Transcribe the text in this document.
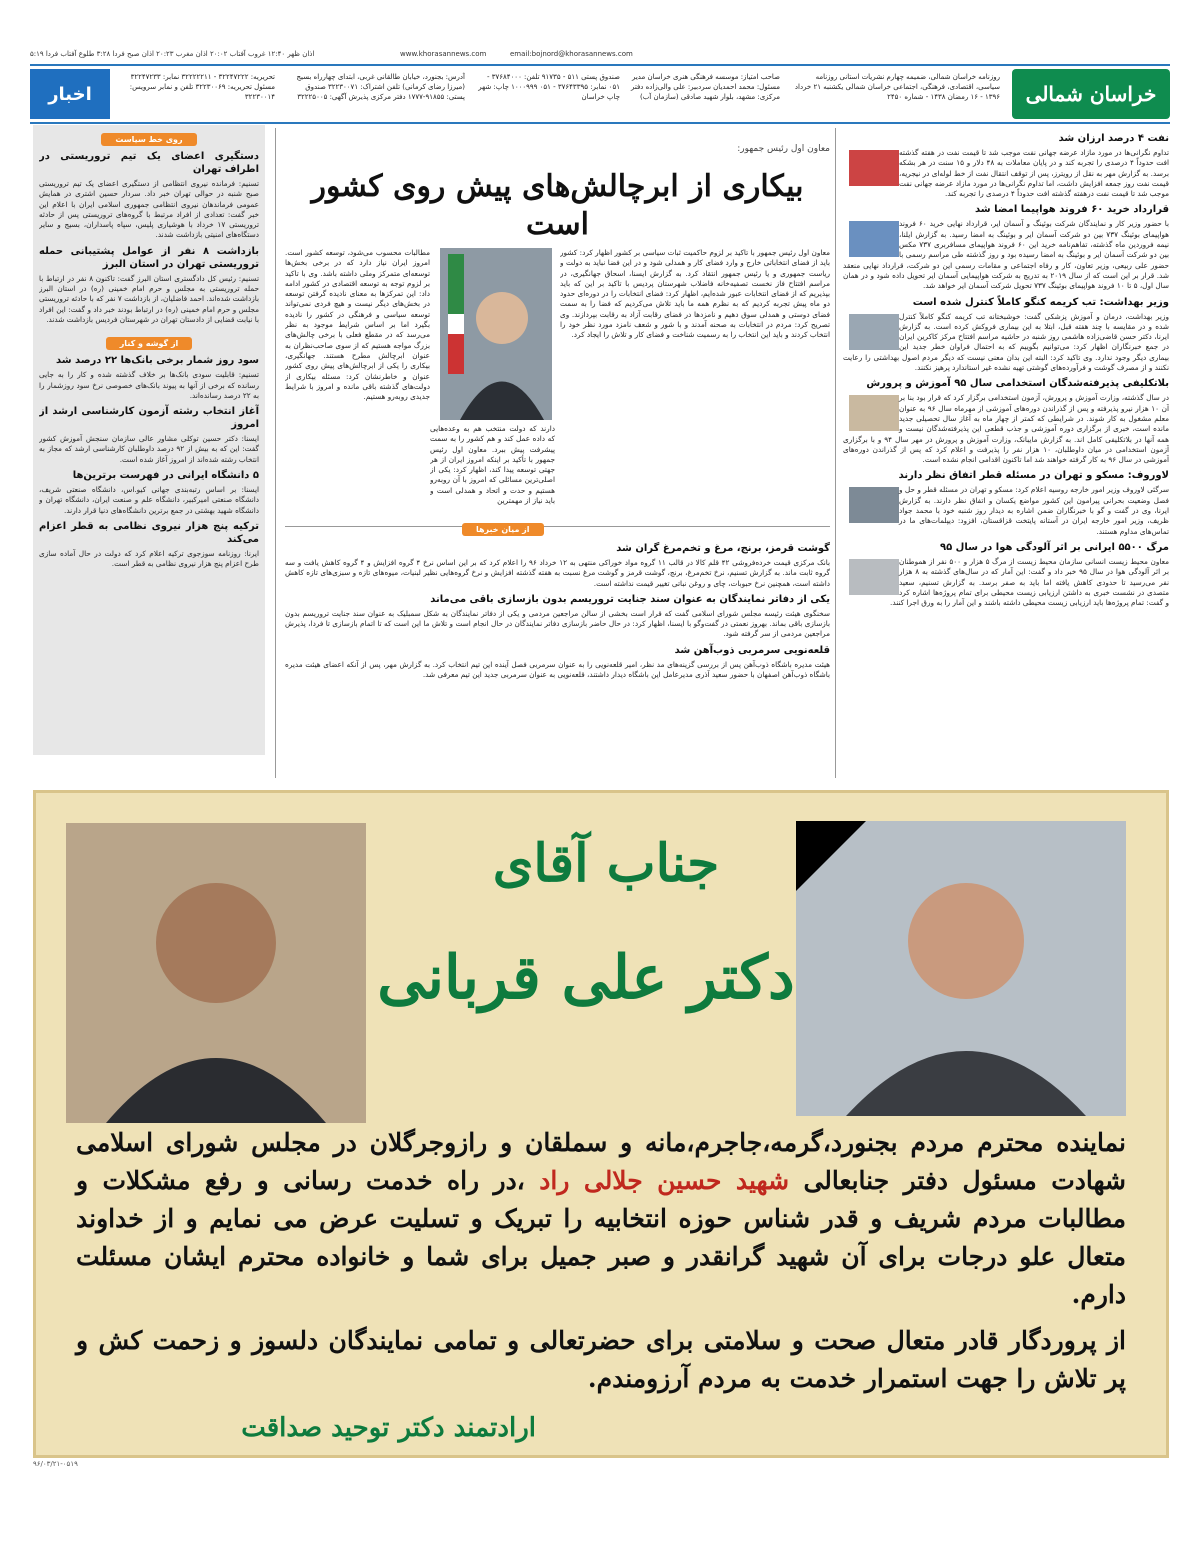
اذان ظهر ۱۲:۴۰ غروب آفتاب ۲۰:۰۲ اذان مغرب ۲۰:۲۳ اذان صبح فردا ۳:۲۸ طلوع آفتاب فردا ۵:۱۹	www.khorasannews.com	email:bojnord@khorasannews.com
خراسان شمالی
روزنامه خراسان شمالی، ضمیمه چهارم نشریات استانی روزنامه سیاسی، اقتصادی، فرهنگی، اجتماعی خراسان شمالی یکشنبه ۲۱ خرداد ۱۳۹۶ - ۱۶ رمضان ۱۴۳۸ - شماره ۲۴۵۰
صاحب امتیاز: موسسه فرهنگی هنری خراسان مدیر مسئول: محمد احمدیان سردبیر: علی والی‌زاده دفتر مرکزی: مشهد، بلوار شهید صادقی (سازمان آب)
صندوق پستی ۵۱۱ - ۹۱۷۳۵ تلفن: ۳۷۶۸۴۰۰۰ - ۰۵۱ نمابر: ۳۷۶۴۳۳۹۵ - ۰۵۱ ۱۰۰۰۹۹۹ چاپ: شهر چاپ خراسان
آدرس: بجنورد، خیابان طالقانی غربی، ابتدای چهارراه بسیج (میرزا رضای کرمانی) تلفن اشتراک: ۳۲۲۳۰۰۷۱ صندوق پستی: ۹۱۸۵۵-۱۷۷۷ دفتر مرکزی پذیرش آگهی: ۳۲۲۲۵۰۰۵
تحریریه: ۳۲۲۴۷۲۲۲ - ۳۲۲۲۲۲۱۱ نمابر: ۳۲۲۴۷۲۳۳ مسئول تحریریه: ۳۲۲۳۰۰۶۹ تلفن و نمابر سرویس: ۳۲۲۳۰۰۱۴
اخبار
نفت ۴ درصد ارزان شد

تداوم نگرانی‌ها در مورد مازاد عرضه جهانی نفت موجب شد تا قیمت نفت در هفته گذشته افت حدوداً ۴ درصدی را تجربه کند و در پایان معاملات به ۴۸ دلار و ۱۵ سنت در هر بشکه برسد. به گزارش مهر به نقل از رویترز، پس از توقف انتقال نفت از خط لوله‌ای در نیجریه، قیمت نفت روز جمعه افزایش داشت، اما تداوم نگرانی‌ها در مورد مازاد عرضه جهانی نفت موجب شد تا قیمت نفت درهفته گذشته افت حدوداً ۴ درصدی را تجربه کند.

قرارداد خرید ۶۰ فروند هواپیما امضا شد

با حضور وزیر کار و نمایندگان شرکت بوئینگ و آسمان ایر، قرارداد نهایی خرید ۶۰ فروند هواپیمای بوئینگ ۷۳۷ بین دو شرکت آسمان ایر و بوئینگ به امضا رسید. به گزارش ایلنا، نیمه فروردین ماه گذشته، تفاهم‌نامه خرید این ۶۰ فروند هواپیمای مسافربری ۷۳۷ مکس بین دو شرکت آسمان ایر و بوئینگ به امضا رسیده بود و روز گذشته طی مراسم رسمی با حضور علی ربیعی، وزیر تعاون، کار و رفاه اجتماعی و مقامات رسمی این دو شرکت، قرارداد نهایی منعقد شد. قرار بر این است که از سال ۲۰۱۹ به تدریج به شرکت هواپیمایی آسمان ایر تحویل داده شود و در همان سال اول، ۵ تا ۱۰ فروند هواپیمای بوئینگ ۷۳۷ تحویل شرکت آسمان ایر خواهد شد.

وزیر بهداشت: تب کریمه کنگو کاملاً کنترل شده است

وزیر بهداشت، درمان و آموزش پزشکی گفت: خوشبختانه تب کریمه کنگو کاملاً کنترل شده و در مقایسه با چند هفته قبل، ابتلا به این بیماری فروکش کرده است. به گزارش ایرنا، دکتر حسن قاضی‌زاده هاشمی روز شنبه در حاشیه مراسم افتتاح مرکز کاکرین ایران در جمع خبرنگاران اظهار کرد: می‌توانیم بگوییم که به احتمال فراوان خطر جدید این بیماری دیگر وجود ندارد. وی تاکید کرد: البته این بدان معنی نیست که دیگر مردم اصول بهداشتی را رعایت نکنند و از مصرف گوشت و فرآورده‌های گوشتی تهیه نشده غیر استاندارد پرهیز نکنند.

بلاتکلیفی پذیرفته‌شدگان استخدامی سال ۹۵ آموزش و پرورش

در سال گذشته، وزارت آموزش و پرورش، آزمون استخدامی برگزار کرد که قرار بود بنا بر آن ۱۰ هزار نیرو پذیرفته و پس از گذراندن دوره‌های آموزشی از مهرماه سال ۹۶ به عنوان معلم مشغول به کار شوند. در شرایطی که کمتر از چهار ماه به آغاز سال تحصیلی جدید مانده است، خبری از برگزاری دوره آموزشی و جذب قطعی این پذیرفته‌شدگان نیست و همه آنها در بلاتکلیفی کامل اند. به گزارش مایبانک، وزارت آموزش و پرورش در مهر سال ۹۴ و با برگزاری آزمون استخدامی در میان داوطلبان، ۱۰ هزار نفر را پذیرفت و اعلام کرد که پس از گذراندن دوره‌های آموزشی در سال ۹۶ به کار گرفته خواهند شد اما تاکنون اقدامی انجام نشده است.

لاوروف: مسکو و تهران در مسئله قطر اتفاق نظر دارند

سرگئی لاوروف وزیر امور خارجه روسیه اعلام کرد: مسکو و تهران در مسئله قطر و حل و فصل وضعیت بحرانی پیرامون این کشور مواضع یکسان و اتفاق نظر دارند. به گزارش ایرنا، وی در گفت و گو با خبرنگاران ضمن اشاره به دیدار روز شنبه خود با محمد جواد ظریف، وزیر امور خارجه ایران در آستانه پایتخت قزاقستان، افزود: دیپلمات‌های ما در تماس‌های مداوم هستند.

مرگ ۵۵۰۰ ایرانی بر اثر آلودگی هوا در سال ۹۵

معاون محیط زیست انسانی سازمان محیط زیست از مرگ ۵ هزار و ۵۰۰ نفر از هموطنان بر اثر آلودگی هوا در سال ۹۵ خبر داد و گفت: این آمار که در سال‌های گذشته به ۸ هزار نفر می‌رسید تا حدودی کاهش یافته اما باید به صفر برسد. به گزارش تسنیم، سعید متصدی در نشست خبری به داشتن ارزیابی زیست محیطی برای تمام پروژه‌ها اشاره کرد و گفت: تمام پروژه‌ها باید ارزیابی زیست محیطی داشته باشند و این آمار را به ورق اجرا کنند.

معاون اول رئیس جمهور:
بیکاری از ابرچالش‌های پیش روی کشور است

معاون اول رئیس جمهور با تاکید بر لزوم حاکمیت ثبات سیاسی بر کشور اظهار کرد: کشور باید از فضای انتخاباتی خارج و وارد فضای کار و همدلی شود و در این فضا نباید به دولت و ریاست جمهوری و یا رئیس جمهور انتقاد کرد. به گزارش ایسنا، اسحاق جهانگیری، در مراسم افتتاح فاز نخست تصفیه‌خانه فاضلاب شهرستان پردیس با تاکید بر این که باید بپذیریم که از فضای انتخابات عبور شده‌ایم، اظهار کرد: فضای انتخابات را در دوره‌ای حدود دو ماه پیش تجربه کردیم که به نظرم همه ما باید تلاش می‌کردیم که فضا را به سمت فضای دوستی و همدلی سوق دهیم و نامزدها در فضای رقابت آزاد به رقابت بپردازند. وی تصریح کرد: مردم در انتخابات به صحنه آمدند و با شور و شعف نامزد مورد نظر خود را انتخاب کردند و باید این انتخاب را به رسمیت شناخت و فضای کار و تلاش را ایجاد کرد.

دارند که دولت منتخب هم به وعده‌هایی که داده عمل کند و هم کشور را به سمت پیشرفت پیش ببرد. معاون اول رئیس جمهور با تأکید بر اینکه امروز ایران از هر جهتی توسعه پیدا کند، اظهار کرد: یکی از اصلی‌ترین مسائلی که امروز با آن روبه‌رو هستیم و حدت و اتحاد و همدلی است و باید نیاز از مهمترین

مطالبات محسوب می‌شود، توسعه کشور است. امروز ایران نیاز دارد که در برخی بخش‌ها توسعه‌ای متمرکز وملی داشته باشد. وی با تاکید بر لزوم توجه به توسعه اقتصادی در کشور ادامه داد: این تمرکزها به معنای نادیده گرفتن توسعه در بخش‌های دیگر نیست و هیچ فردی نمی‌تواند توسعه سیاسی و فرهنگی در کشور را نادیده بگیرد اما بر اساس شرایط موجود به نظر می‌رسد که در مقطع فعلی با برخی چالش‌های بزرگ مواجه هستیم که از سوی صاحب‌نظران به عنوان ابرچالش مطرح هستند. جهانگیری، بیکاری را یکی از ابرچالش‌های پیش روی کشور عنوان و خاطرنشان کرد: مسئله بیکاری از دولت‌های گذشته باقی مانده و امروز با شرایط جدیدی روبه‌رو هستیم.

از میان خبرها
گوشت قرمز، برنج، مرغ و تخم‌مرغ گران شد

بانک مرکزی قیمت خرده‌فروشی ۴۲ قلم کالا در قالب ۱۱ گروه مواد خوراکی منتهی به ۱۲ خرداد ۹۶ را اعلام کرد که بر این اساس نرخ ۴ گروه افزایش و ۴ گروه کاهش یافت و سه گروه ثابت ماند. به گزارش تسنیم، نرخ تخم‌مرغ، برنج، گوشت قرمز و گوشت مرغ نسبت به هفته گذشته افزایش و نرخ گروه‌هایی نظیر لبنیات، میوه‌های تازه و سبزی‌های تازه کاهش داشته است، همچنین نرخ حبوبات، چای و روغن نباتی تغییر قیمت نداشته است.

یکی از دفاتر نمایندگان به عنوان سند جنایت تروریسم بدون بازسازی باقی می‌ماند

سخنگوی هیئت رئیسه مجلس شورای اسلامی گفت که قرار است بخشی از سالن مراجعین مردمی و یکی از دفاتر نمایندگان به شکل سمبلیک به عنوان سند جنایت تروریسم بدون بازسازی باقی بماند. بهروز نعمتی در گفت‌وگو با ایسنا، اظهار کرد: در حال حاضر بازسازی دفاتر نمایندگان در حال انجام است و تلاش ما این است که تا اتمام بازسازی تا فردا، پذیرش مراجعین مردمی از سر گرفته شود.

قلعه‌نویی سرمربی ذوب‌آهن شد

هیئت مدیره باشگاه ذوب‌آهن پس از بررسی گزینه‌های مد نظر، امیر قلعه‌نویی را به عنوان سرمربی فصل آینده این تیم انتخاب کرد. به گزارش مهر، پس از آنکه اعضای هیئت مدیره باشگاه ذوب‌آهن اصفهان با حضور سعید آذری مدیرعامل این باشگاه دیدار داشتند، قلعه‌نویی به عنوان سرمربی جدید این تیم معرفی شد.

روی خط سیاست
دستگیری اعضای یک تیم تروریستی در اطراف تهران

تسنیم: فرمانده نیروی انتظامی از دستگیری اعضای یک تیم تروریستی صبح شنبه در حوالی تهران خبر داد. سردار حسین اشتری در همایش عمومی فرماندهان نیروی انتظامی جمهوری اسلامی ایران با اعلام این خبر گفت: تعدادی از افراد مرتبط با گروه‌های تروریستی پس از حادثه تروریستی ۱۷ خرداد با هوشیاری پلیس، سپاه پاسداران، بسیج و سایر دستگاه‌های امنیتی بازداشت شدند.

بازداشت ۸ نفر از عوامل پشتیبانی حمله تروریستی تهران در استان البرز

تسنیم: رئیس کل دادگستری استان البرز گفت: تاکنون ۸ نفر در ارتباط با حمله تروریستی به مجلس و حرم امام خمینی (ره) در استان البرز بازداشت شده‌اند. احمد فاضلیان، از بازداشت ۷ نفر که با حادثه تروریستی مجلس و حرم امام خمینی (ره) در ارتباط بودند خبر داد و گفت: این افراد با نیابت قضایی از دادستان تهران در شهرستان فردیس بازداشت شدند.

از گوشه و کنار
سود روز شمار برخی بانک‌ها ۲۲ درصد شد

تسنیم: قابلیت سودی بانک‌ها بر خلاف گذشته شده و کار را به جایی رسانده که برخی از آنها به پیوند بانک‌های خصوصی نرخ سود روزشمار را به ۲۲ درصد رسانده‌اند.

آغاز انتخاب رشته آزمون کارشناسی ارشد از امروز

ایسنا: دکتر حسین توکلی مشاور عالی سازمان سنجش آموزش کشور گفت: این که به بیش از ۹۲ درصد داوطلبان کارشناسی ارشد که مجاز به انتخاب رشته شده‌اند از امروز آغاز شده است.

۵ دانشگاه ایرانی در فهرست برترین‌ها

ایسنا: بر اساس رتبه‌بندی جهانی کیو.اس، دانشگاه صنعتی شریف، دانشگاه صنعتی امیرکبیر، دانشگاه علم و صنعت ایران، دانشگاه تهران و دانشگاه شهید بهشتی در جمع برترین دانشگاه‌های دنیا قرار دارند.

ترکیه پنج هزار نیروی نظامی به قطر اعزام می‌کند

ایرنا: روزنامه سوزجوی ترکیه اعلام کرد که دولت در حال آماده سازی طرح اعزام پنج هزار نیروی نظامی به قطر است.

جناب آقای
دکتر علی قربانی
نماینده محترم مردم بجنورد،گرمه،جاجرم،مانه و سملقان و رازوجرگلان در مجلس شورای اسلامی شهادت مسئول دفتر جنابعالی شهید حسین جلالی راد ،در راه خدمت رسانی و رفع مشکلات و مطالبات مردم شریف و قدر شناس حوزه انتخابیه را تبریک و تسلیت عرض می نمایم و از خداوند متعال علو درجات برای آن شهید گرانقدر و صبر جمیل برای شما و خانواده محترم ایشان مسئلت دارم.
از پروردگار قادر متعال صحت و سلامتی برای حضرتعالی و تمامی نمایندگان دلسوز و زحمت کش و پر تلاش را جهت استمرار خدمت به مردم آرزومندم.
ارادتمند دکتر توحید صداقت
۹۶/۰۳/۲۱-۰۵۱۹
